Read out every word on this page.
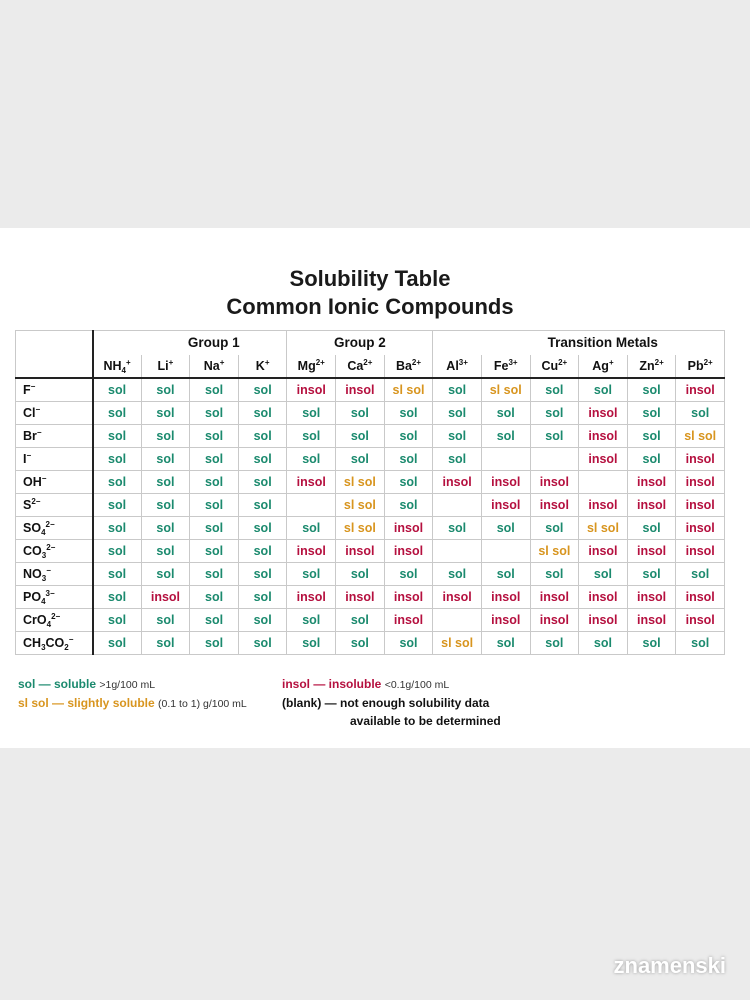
Solubility Table
Common Ionic Compounds
		Group 1			Group 2				Transition Metals				
	$NH_4^+$	Li+	Na+	K+	$Mg^{2+}$	$Ca^{2+}$	$Ba^{2+}$	$Al^{3+}$	$Fe^{3+}$	$Cu^{2+}$	Ag+	$Zn^{2+}$	$Pb^{2+}$
F−	sol	sol	sol	sol	insol	insol	sl sol	sol	sl sol	sol	sol	sol	insol
Cl−	sol	sol	sol	sol	sol	sol	sol	sol	sol	sol	insol	sol	sol
Br−	sol	sol	sol	sol	sol	sol	sol	sol	sol	sol	insol	sol	sl sol
I−	sol	sol	sol	sol	sol	sol	sol	sol			insol	sol	insol
OH−	sol	sol	sol	sol	insol	sl sol	sol	insol	insol	insol		insol	insol
$S^{2-}$	sol	sol	sol	sol		sl sol	sol		insol	insol	insol	insol	insol
$SO_4^{2-}$	sol	sol	sol	sol	sol	sl sol	insol	sol	sol	sol	sl sol	sol	insol
$CO_3^{2-}$	sol	sol	sol	sol	insol	insol	insol			sl sol	insol	insol	insol
$NO_3^-$	sol	sol	sol	sol	sol	sol	sol	sol	sol	sol	sol	sol	sol
$PO_4^{3-}$	sol	insol	sol	sol	insol	insol	insol	insol	insol	insol	insol	insol	insol
CrO$_4^{2-}$	sol	sol	sol	sol	sol	sol	insol		insol	insol	insol	insol	insol
$CH_3CO_2^-$	sol	sol	sol	sol	sol	sol	sol	sl sol	sol	sol	sol	sol	sol
sol — soluble >1g/100 mL
sl sol — slightly soluble (0.1 to 1) g/100 mL
insol — insoluble <0.1g/100 mL
(blank) — not enough solubility data
available to be determined
znamenski
